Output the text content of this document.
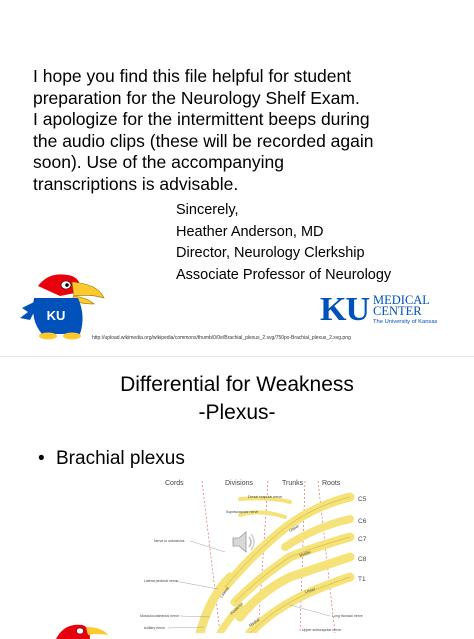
I hope you find this file helpful for student
preparation for the Neurology Shelf Exam.
I apologize for the intermittent beeps during
the audio clips (these will be recorded again
soon). Use of the accompanying
transcriptions is advisable.

Sincerely,
Heather Anderson, MD
Director, Neurology Clerkship
Associate Professor of Neurology
KU	KU MEDICAL
CENTER
The University of Kansas
http://upload.wikimedia.org/wikipedia/commons/thumb/0/0e/Brachial_plexus_2.svg/750px-Brachial_plexus_2.svg.png
Differential for Weakness
-Plexus-
• Brachial plexus
Cords	Divisions	Trunks	Roots
C5
C6
C7
C8
T1
Dorsal scapular nerve
Suprascapular nerve
Nerve to subclavius
Lateral pectoral nerve
Musculocutaneous nerve
Axillary nerve
Long thoracic nerve
Upper subscapular nerve
Lateral
Posterior
Medial
Upper
Middle
Lower
